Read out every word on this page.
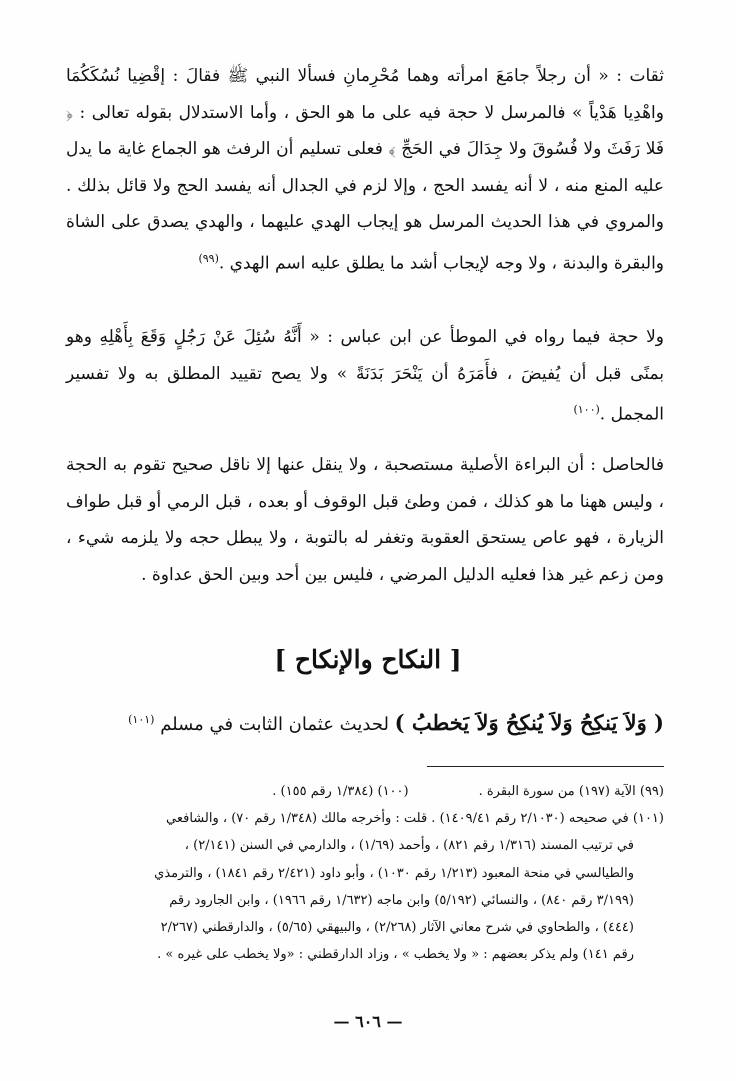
ثقات : « أن رجلاً جامَعَ امرأته وهما مُحْرِمانِ فسألا النبي ﷺ فقالَ : إقْضِيا نُسُكَكُمَا واهْدِيا هَدْياً » فالمرسل لا حجة فيه على ما هو الحق ، وأما الاستدلال بقوله تعالى : ﴿ فَلا رَفَثَ ولا فُسُوقَ ولا جِدَالَ في الحَجِّ ﴾ فعلى تسليم أن الرفث هو الجماع غاية ما يدل عليه المنع منه ، لا أنه يفسد الحج ، وإلا لزم في الجدال أنه يفسد الحج ولا قائل بذلك . والمروي في هذا الحديث المرسل هو إيجاب الهدي عليهما ، والهدي يصدق على الشاة والبقرة والبدنة ، ولا وجه لإيجاب أشد ما يطلق عليه اسم الهدي .$^{(٩٩)}$

ولا حجة فيما رواه في الموطأ عن ابن عباس : « أَنَّهُ سُئِلَ عَنْ رَجُلٍ وَقَعَ بِأَهْلِهِ وهو بمنًى قبل أن يُفيضَ ، فأَمَرَهُ أن يَنْحَرَ بَدَنَةً » ولا يصح تقييد المطلق به ولا تفسير المجمل .$^{(١٠٠)}$

فالحاصل : أن البراءة الأصلية مستصحبة ، ولا ينقل عنها إلا ناقل صحيح تقوم به الحجة ، وليس ههنا ما هو كذلك ، فمن وطئ قبل الوقوف أو بعده ، قبل الرمي أو قبل طواف الزيارة ، فهو عاص يستحق العقوبة وتغفر له بالتوبة ، ولا يبطل حجه ولا يلزمه شيء ، ومن زعم غير هذا فعليه الدليل المرضي ، فليس بين أحد وبين الحق عداوة .

[ النكاح والإنكاح ]
( وَلاَ يَنكِحُ وَلاَ يُنكِحُ وَلاَ يَخطبُ ) لحديث عثمان الثابت في مسلم $^{(١٠١)}$

(٩٩) الآية (١٩٧) من سورة البقرة .

(١٠٠) (١/٣٨٤ رقم ١٥٥) .

(١٠١) في صحيحه (٢/١٠٣٠ رقم ١٤٠٩/٤١) . قلت : وأخرجه مالك (١/٣٤٨ رقم ٧٠) ، والشافعي

في ترتيب المسند (١/٣١٦ رقم ٨٢١) ، وأحمد (١/٦٩) ، والدارمي في السنن (٢/١٤١) ،

والطيالسي في منحة المعبود (١/٢١٣ رقم ١٠٣٠) ، وأبو داود (٢/٤٢١ رقم ١٨٤١) ، والترمذي

(٣/١٩٩ رقم ٨٤٠) ، والنسائي (٥/١٩٢) وابن ماجه (١/٦٣٢ رقم ١٩٦٦) ، وابن الجارود رقم

(٤٤٤) ، والطحاوي في شرح معاني الآثار (٢/٢٦٨) ، والبيهقي (٥/٦٥) ، والدارقطني (٢/٢٦٧

رقم ١٤١) ولم يذكر بعضهم : « ولا يخطب » ، وزاد الدارقطني : «ولا يخطب على غيره » .

— ٦٠٦ —
